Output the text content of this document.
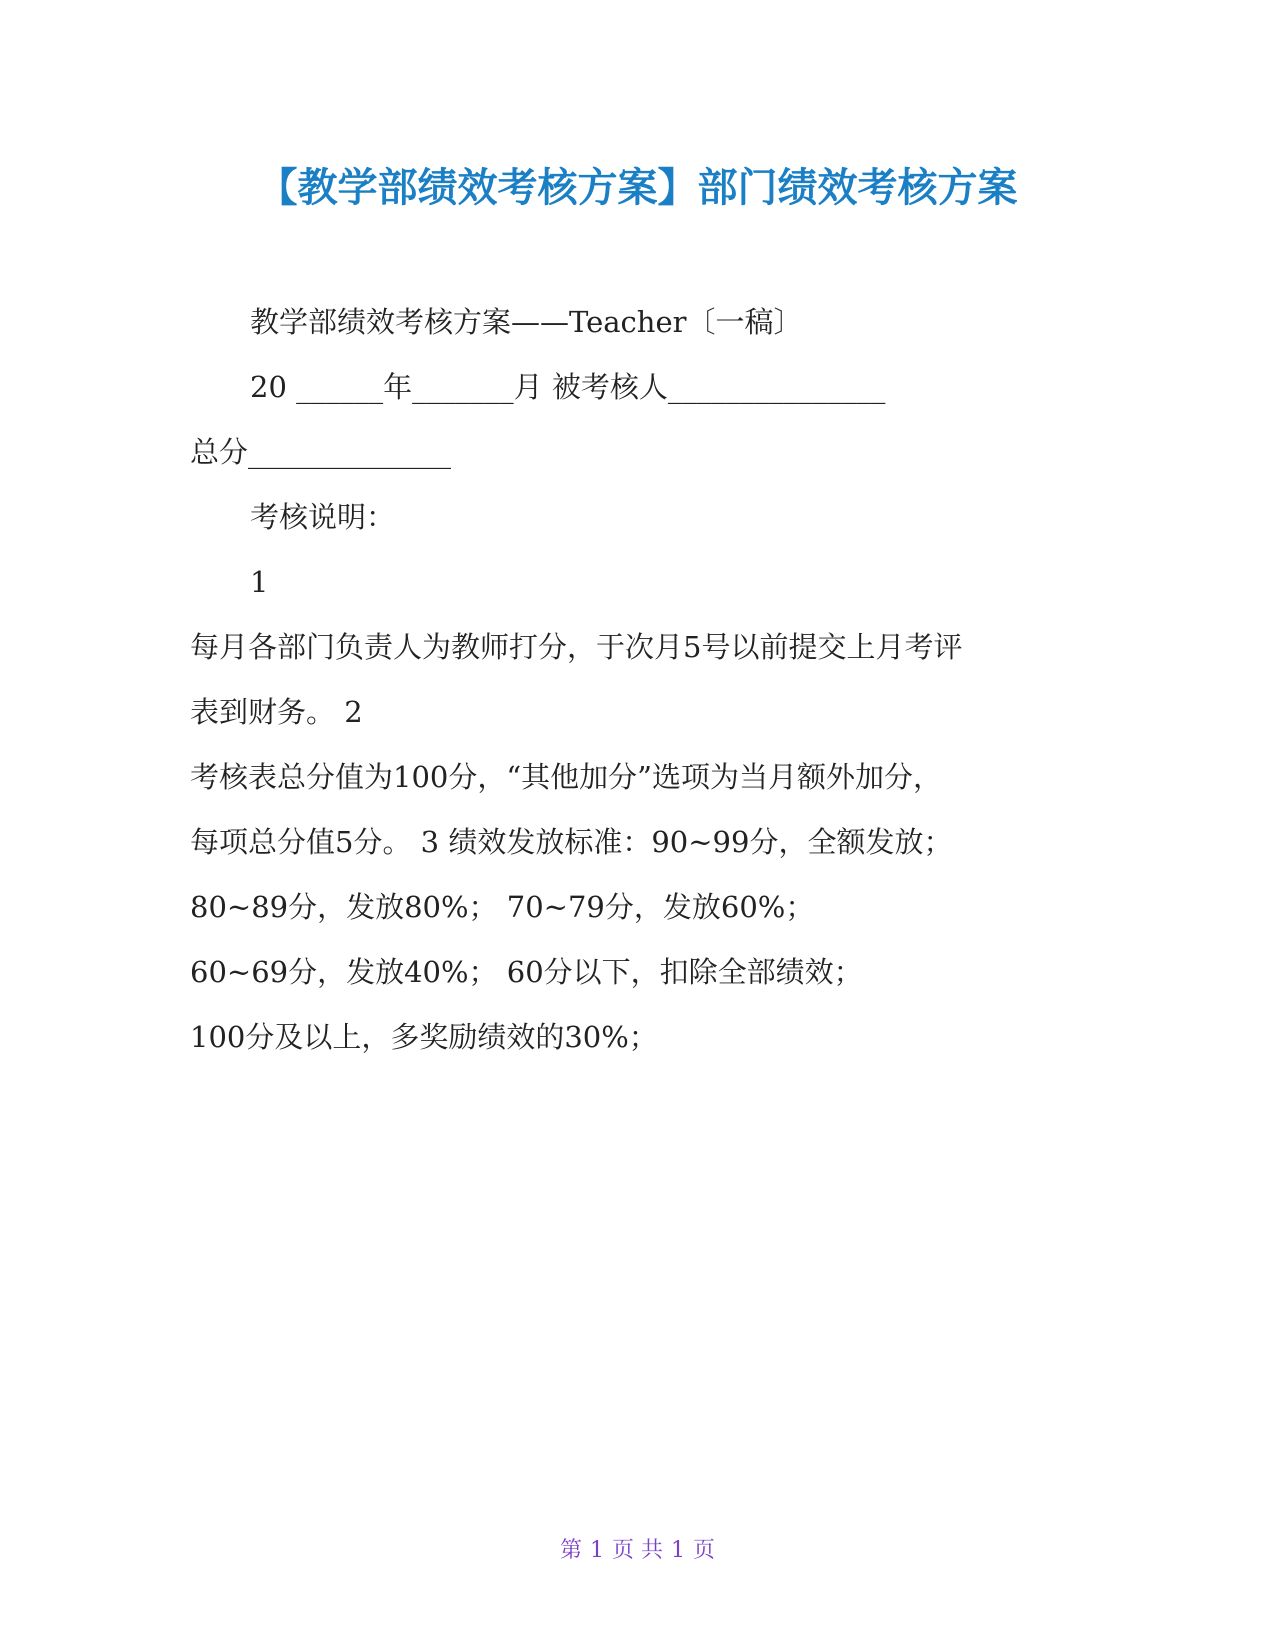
【教学部绩效考核方案】部门绩效考核方案
教学部绩效考核方案——Teacher〔一稿〕
20 ______年_______月 被考核人_______________
总分______________
考核说明：
1
每月各部门负责人为教师打分，于次月5号以前提交上月考评
表到财务。 2
考核表总分值为100分，“其他加分”选项为当月额外加分，
每项总分值5分。 3 绩效发放标准：90~99分，全额发放；
80~89分，发放80%； 70~79分，发放60%；
60~69分，发放40%； 60分以下，扣除全部绩效；
100分及以上，多奖励绩效的30%；
第 1 页 共 1 页
